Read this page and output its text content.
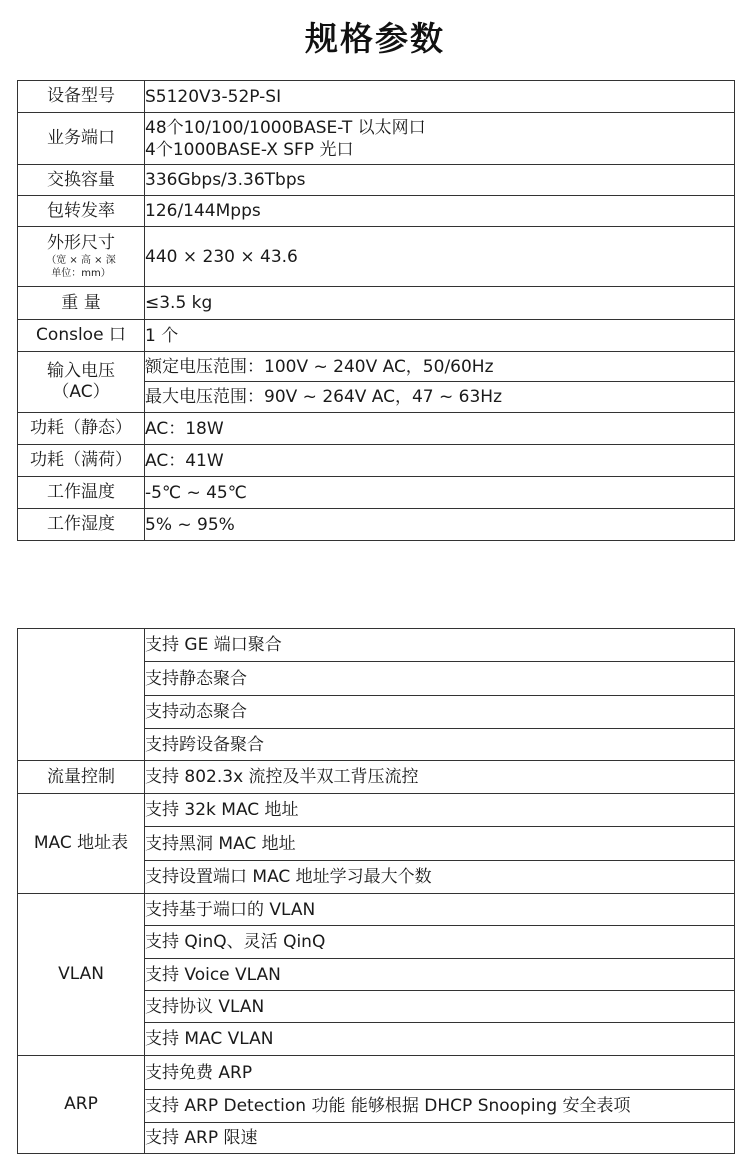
规格参数
设备型号	S5120V3-52P-SI

业务端口	48个10/100/1000BASE-T 以太网口
4个1000BASE-X SFP 光口

交换容量	336Gbps/3.36Tbps

包转发率	126/144Mpps

外形尺寸
（宽 × 高 × 深
单位：mm）	440 × 230 × 43.6

重 量	≤3.5 kg

Consloe 口	1 个

输入电压
（AC）	额定电压范围：100V ~ 240V AC，50/60Hz

	最大电压范围：90V ~ 264V AC，47 ~ 63Hz

功耗（静态）	AC：18W

功耗（满荷）	AC：41W

工作温度	-5℃ ~ 45℃

工作湿度	5% ~ 95%

	支持 GE 端口聚合

	支持静态聚合

	支持动态聚合

	支持跨设备聚合

流量控制	支持 802.3x 流控及半双工背压流控

MAC 地址表	支持 32k MAC 地址

	支持黑洞 MAC 地址

	支持设置端口 MAC 地址学习最大个数

VLAN	支持基于端口的 VLAN

	支持 QinQ、灵活 QinQ

	支持 Voice VLAN

	支持协议 VLAN

	支持 MAC VLAN

ARP	支持免费 ARP

	支持 ARP Detection 功能 能够根据 DHCP Snooping 安全表项

	支持 ARP 限速
